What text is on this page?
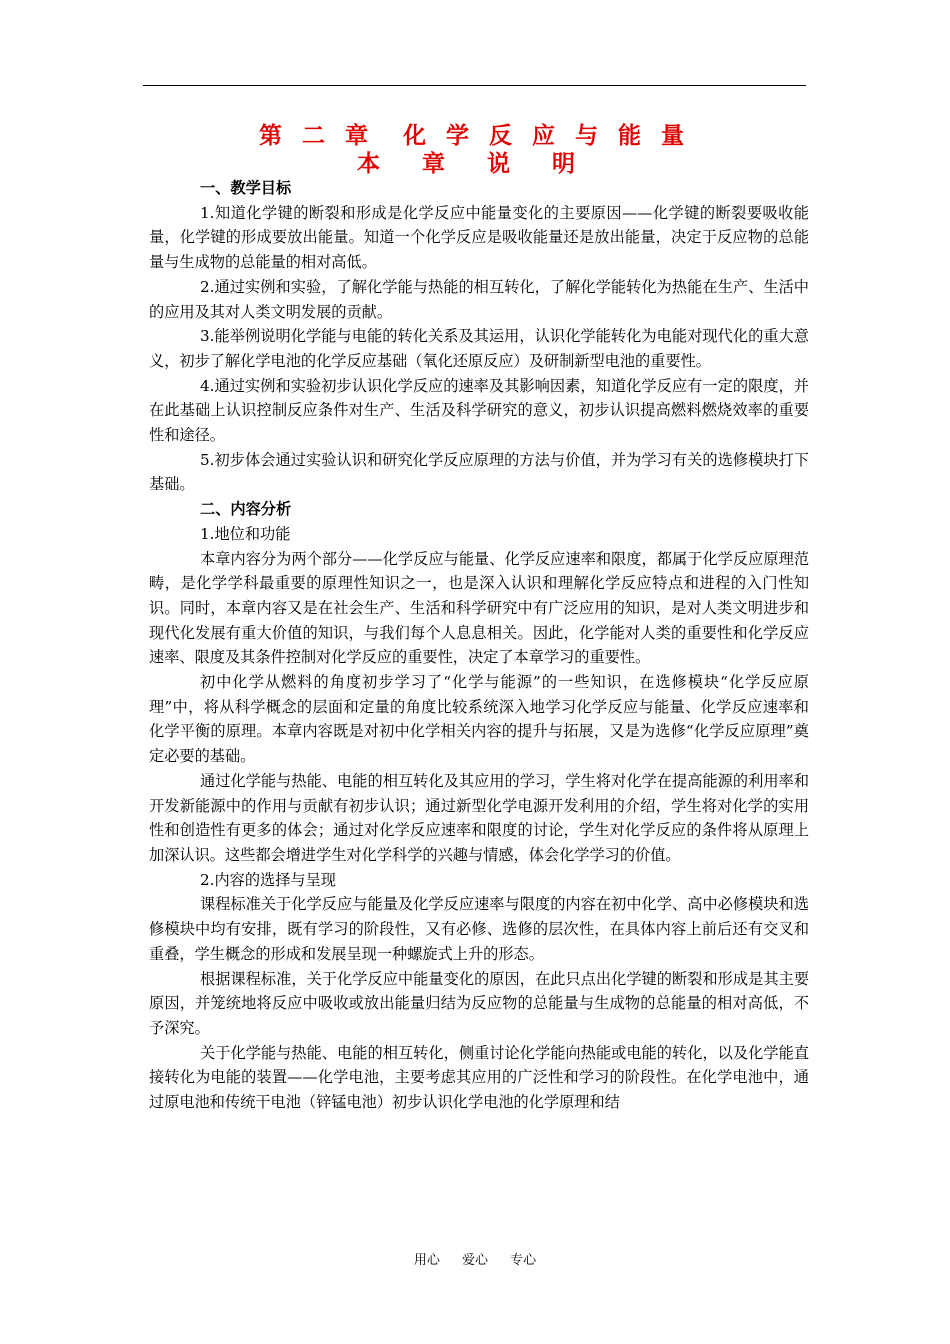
第 二 章　化 学 反 应 与 能 量
本 章 说 明

一、教学目标

1.知道化学键的断裂和形成是化学反应中能量变化的主要原因——化学键的断裂要吸收能量，化学键的形成要放出能量。知道一个化学反应是吸收能量还是放出能量，决定于反应物的总能量与生成物的总能量的相对高低。

2.通过实例和实验，了解化学能与热能的相互转化，了解化学能转化为热能在生产、生活中的应用及其对人类文明发展的贡献。

3.能举例说明化学能与电能的转化关系及其运用，认识化学能转化为电能对现代化的重大意义，初步了解化学电池的化学反应基础（氧化还原反应）及研制新型电池的重要性。

4.通过实例和实验初步认识化学反应的速率及其影响因素，知道化学反应有一定的限度，并在此基础上认识控制反应条件对生产、生活及科学研究的意义，初步认识提高燃料燃烧效率的重要性和途径。

5.初步体会通过实验认识和研究化学反应原理的方法与价值，并为学习有关的选修模块打下基础。

二、内容分析

1.地位和功能

本章内容分为两个部分——化学反应与能量、化学反应速率和限度，都属于化学反应原理范畴，是化学学科最重要的原理性知识之一，也是深入认识和理解化学反应特点和进程的入门性知识。同时，本章内容又是在社会生产、生活和科学研究中有广泛应用的知识，是对人类文明进步和现代化发展有重大价值的知识，与我们每个人息息相关。因此，化学能对人类的重要性和化学反应速率、限度及其条件控制对化学反应的重要性，决定了本章学习的重要性。

初中化学从燃料的角度初步学习了“化学与能源”的一些知识，在选修模块“化学反应原理”中，将从科学概念的层面和定量的角度比较系统深入地学习化学反应与能量、化学反应速率和化学平衡的原理。本章内容既是对初中化学相关内容的提升与拓展，又是为选修“化学反应原理”奠定必要的基础。

通过化学能与热能、电能的相互转化及其应用的学习，学生将对化学在提高能源的利用率和开发新能源中的作用与贡献有初步认识；通过新型化学电源开发利用的介绍，学生将对化学的实用性和创造性有更多的体会；通过对化学反应速率和限度的讨论，学生对化学反应的条件将从原理上加深认识。这些都会增进学生对化学科学的兴趣与情感，体会化学学习的价值。

2.内容的选择与呈现

课程标准关于化学反应与能量及化学反应速率与限度的内容在初中化学、高中必修模块和选修模块中均有安排，既有学习的阶段性，又有必修、选修的层次性，在具体内容上前后还有交叉和重叠，学生概念的形成和发展呈现一种螺旋式上升的形态。

根据课程标准，关于化学反应中能量变化的原因，在此只点出化学键的断裂和形成是其主要原因，并笼统地将反应中吸收或放出能量归结为反应物的总能量与生成物的总能量的相对高低，不予深究。

关于化学能与热能、电能的相互转化，侧重讨论化学能向热能或电能的转化，以及化学能直接转化为电能的装置——化学电池，主要考虑其应用的广泛性和学习的阶段性。在化学电池中，通过原电池和传统干电池（锌锰电池）初步认识化学电池的化学原理和结

用心 爱心 专心
